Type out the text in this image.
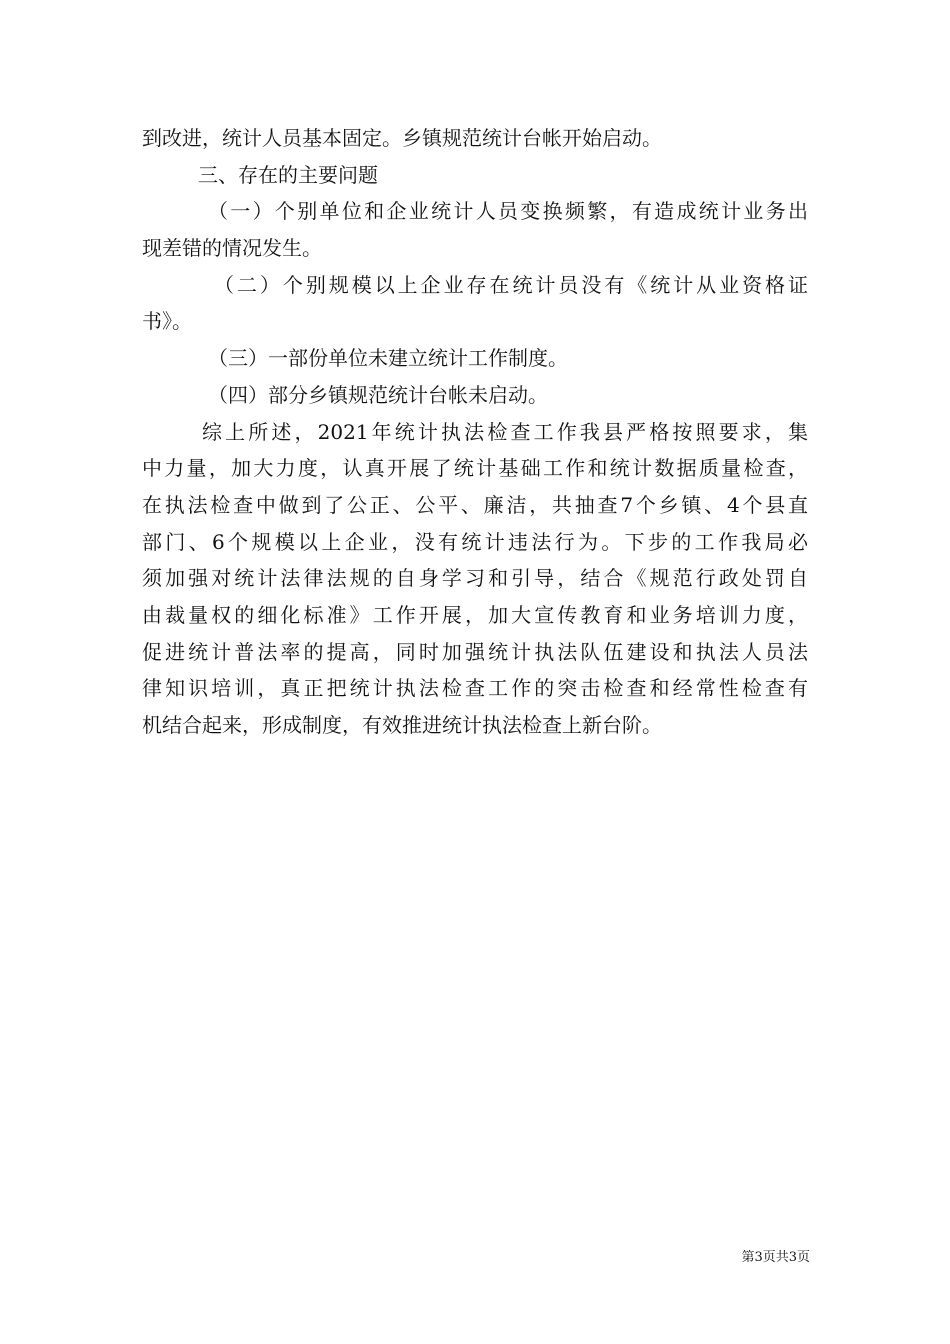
到改进，统计人员基本固定。乡镇规范统计台帐开始启动。
三、存在的主要问题
（一）个别单位和企业统计人员变换频繁，有造成统计业务出
现差错的情况发生。
（二）个别规模以上企业存在统计员没有《统计从业资格证
书》。
（三）一部份单位未建立统计工作制度。
（四）部分乡镇规范统计台帐未启动。
综上所述，2021年统计执法检查工作我县严格按照要求，集
中力量，加大力度，认真开展了统计基础工作和统计数据质量检查，
在执法检查中做到了公正、公平、廉洁，共抽查7个乡镇、4个县直
部门、6个规模以上企业，没有统计违法行为。下步的工作我局必
须加强对统计法律法规的自身学习和引导，结合《规范行政处罚自
由裁量权的细化标准》工作开展，加大宣传教育和业务培训力度，
促进统计普法率的提高，同时加强统计执法队伍建设和执法人员法
律知识培训，真正把统计执法检查工作的突击检查和经常性检查有
机结合起来，形成制度，有效推进统计执法检查上新台阶。
第3页共3页
